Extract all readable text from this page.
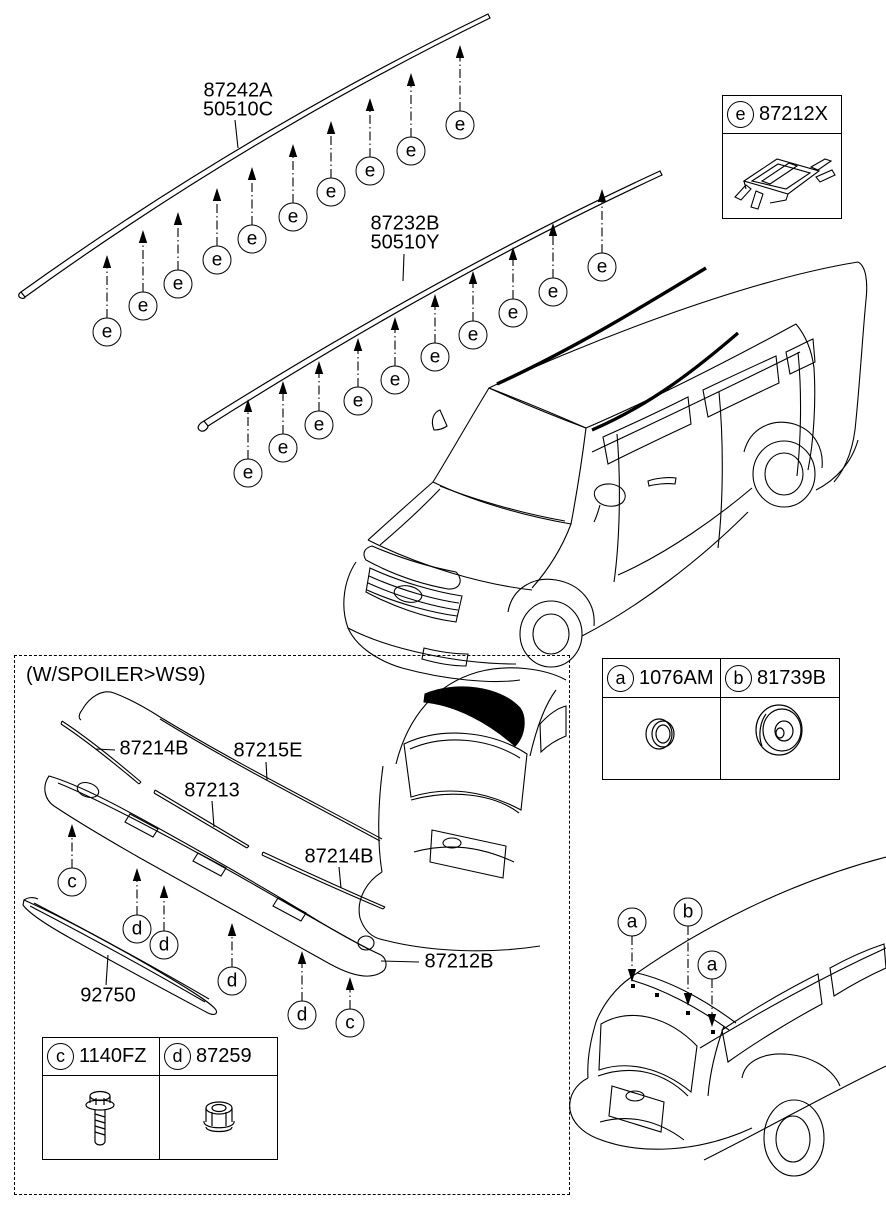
(W/SPOILER>WS9)
e 87212X
a 1076AM	b 81739B
c 1140FZ	d 87259
87242A
50510C
87232B
50510Y
87214B 87215E
87213
87214B
92750
87212B
e
e
e
e
e
e
e
e
e
e
e
e
e
e
e
e
e
e
e
e
c
d
d
d
d	c
a	b
a
